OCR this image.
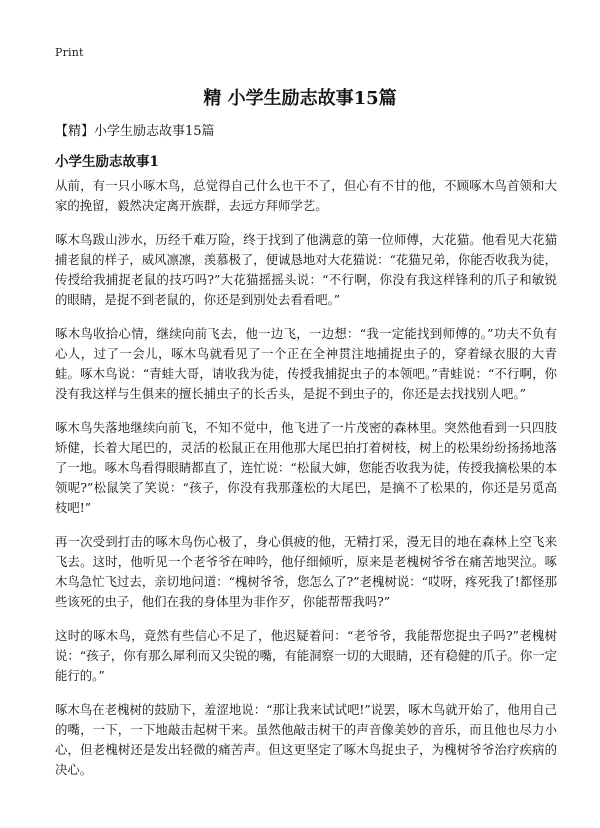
Print
精 小学生励志故事15篇
【精】小学生励志故事15篇
小学生励志故事1

从前，有一只小啄木鸟，总觉得自己什么也干不了，但心有不甘的他，不顾啄木鸟首领和大家的挽留，毅然决定离开族群，去远方拜师学艺。

啄木鸟跋山涉水，历经千难万险，终于找到了他满意的第一位师傅，大花猫。他看见大花猫捕老鼠的样子，威风凛凛，羡慕极了，便诚恳地对大花猫说：“花猫兄弟，你能否收我为徒，传授给我捕捉老鼠的技巧吗?”大花猫摇摇头说：“不行啊，你没有我这样锋利的爪子和敏锐的眼睛，是捉不到老鼠的，你还是到别处去看看吧。”

啄木鸟收拾心情，继续向前飞去，他一边飞，一边想：“我一定能找到师傅的。”功夫不负有心人，过了一会儿，啄木鸟就看见了一个正在全神贯注地捕捉虫子的，穿着绿衣服的大青蛙。啄木鸟说：“青蛙大哥，请收我为徒，传授我捕捉虫子的本领吧。”青蛙说：“不行啊，你没有我这样与生俱来的擅长捕虫子的长舌头，是捉不到虫子的，你还是去找找别人吧。”

啄木鸟失落地继续向前飞，不知不觉中，他飞进了一片茂密的森林里。突然他看到一只四肢矫健，长着大尾巴的，灵活的松鼠正在用他那大尾巴拍打着树枝，树上的松果纷纷扬扬地落了一地。啄木鸟看得眼睛都直了，连忙说：“松鼠大婶，您能否收我为徒，传授我摘松果的本领呢?”松鼠笑了笑说：“孩子，你没有我那蓬松的大尾巴，是摘不了松果的，你还是另觅高枝吧!”

再一次受到打击的啄木鸟伤心极了，身心俱疲的他，无精打采，漫无目的地在森林上空飞来飞去。这时，他听见一个老爷爷在呻吟，他仔细倾听，原来是老槐树爷爷在痛苦地哭泣。啄木鸟急忙飞过去，亲切地问道：“槐树爷爷，您怎么了?”老槐树说：“哎呀，疼死我了!都怪那些该死的虫子，他们在我的身体里为非作歹，你能帮帮我吗?”

这时的啄木鸟，竟然有些信心不足了，他迟疑着问：“老爷爷，我能帮您捉虫子吗?”老槐树说：“孩子，你有那么犀利而又尖锐的嘴，有能洞察一切的大眼睛，还有稳健的爪子。你一定能行的。”

啄木鸟在老槐树的鼓励下，羞涩地说：“那让我来试试吧!”说罢，啄木鸟就开始了，他用自己的嘴，一下，一下地敲击起树干来。虽然他敲击树干的声音像美妙的音乐，而且他也尽力小心，但老槐树还是发出轻微的痛苦声。但这更坚定了啄木鸟捉虫子，为槐树爷爷治疗疾病的决心。
